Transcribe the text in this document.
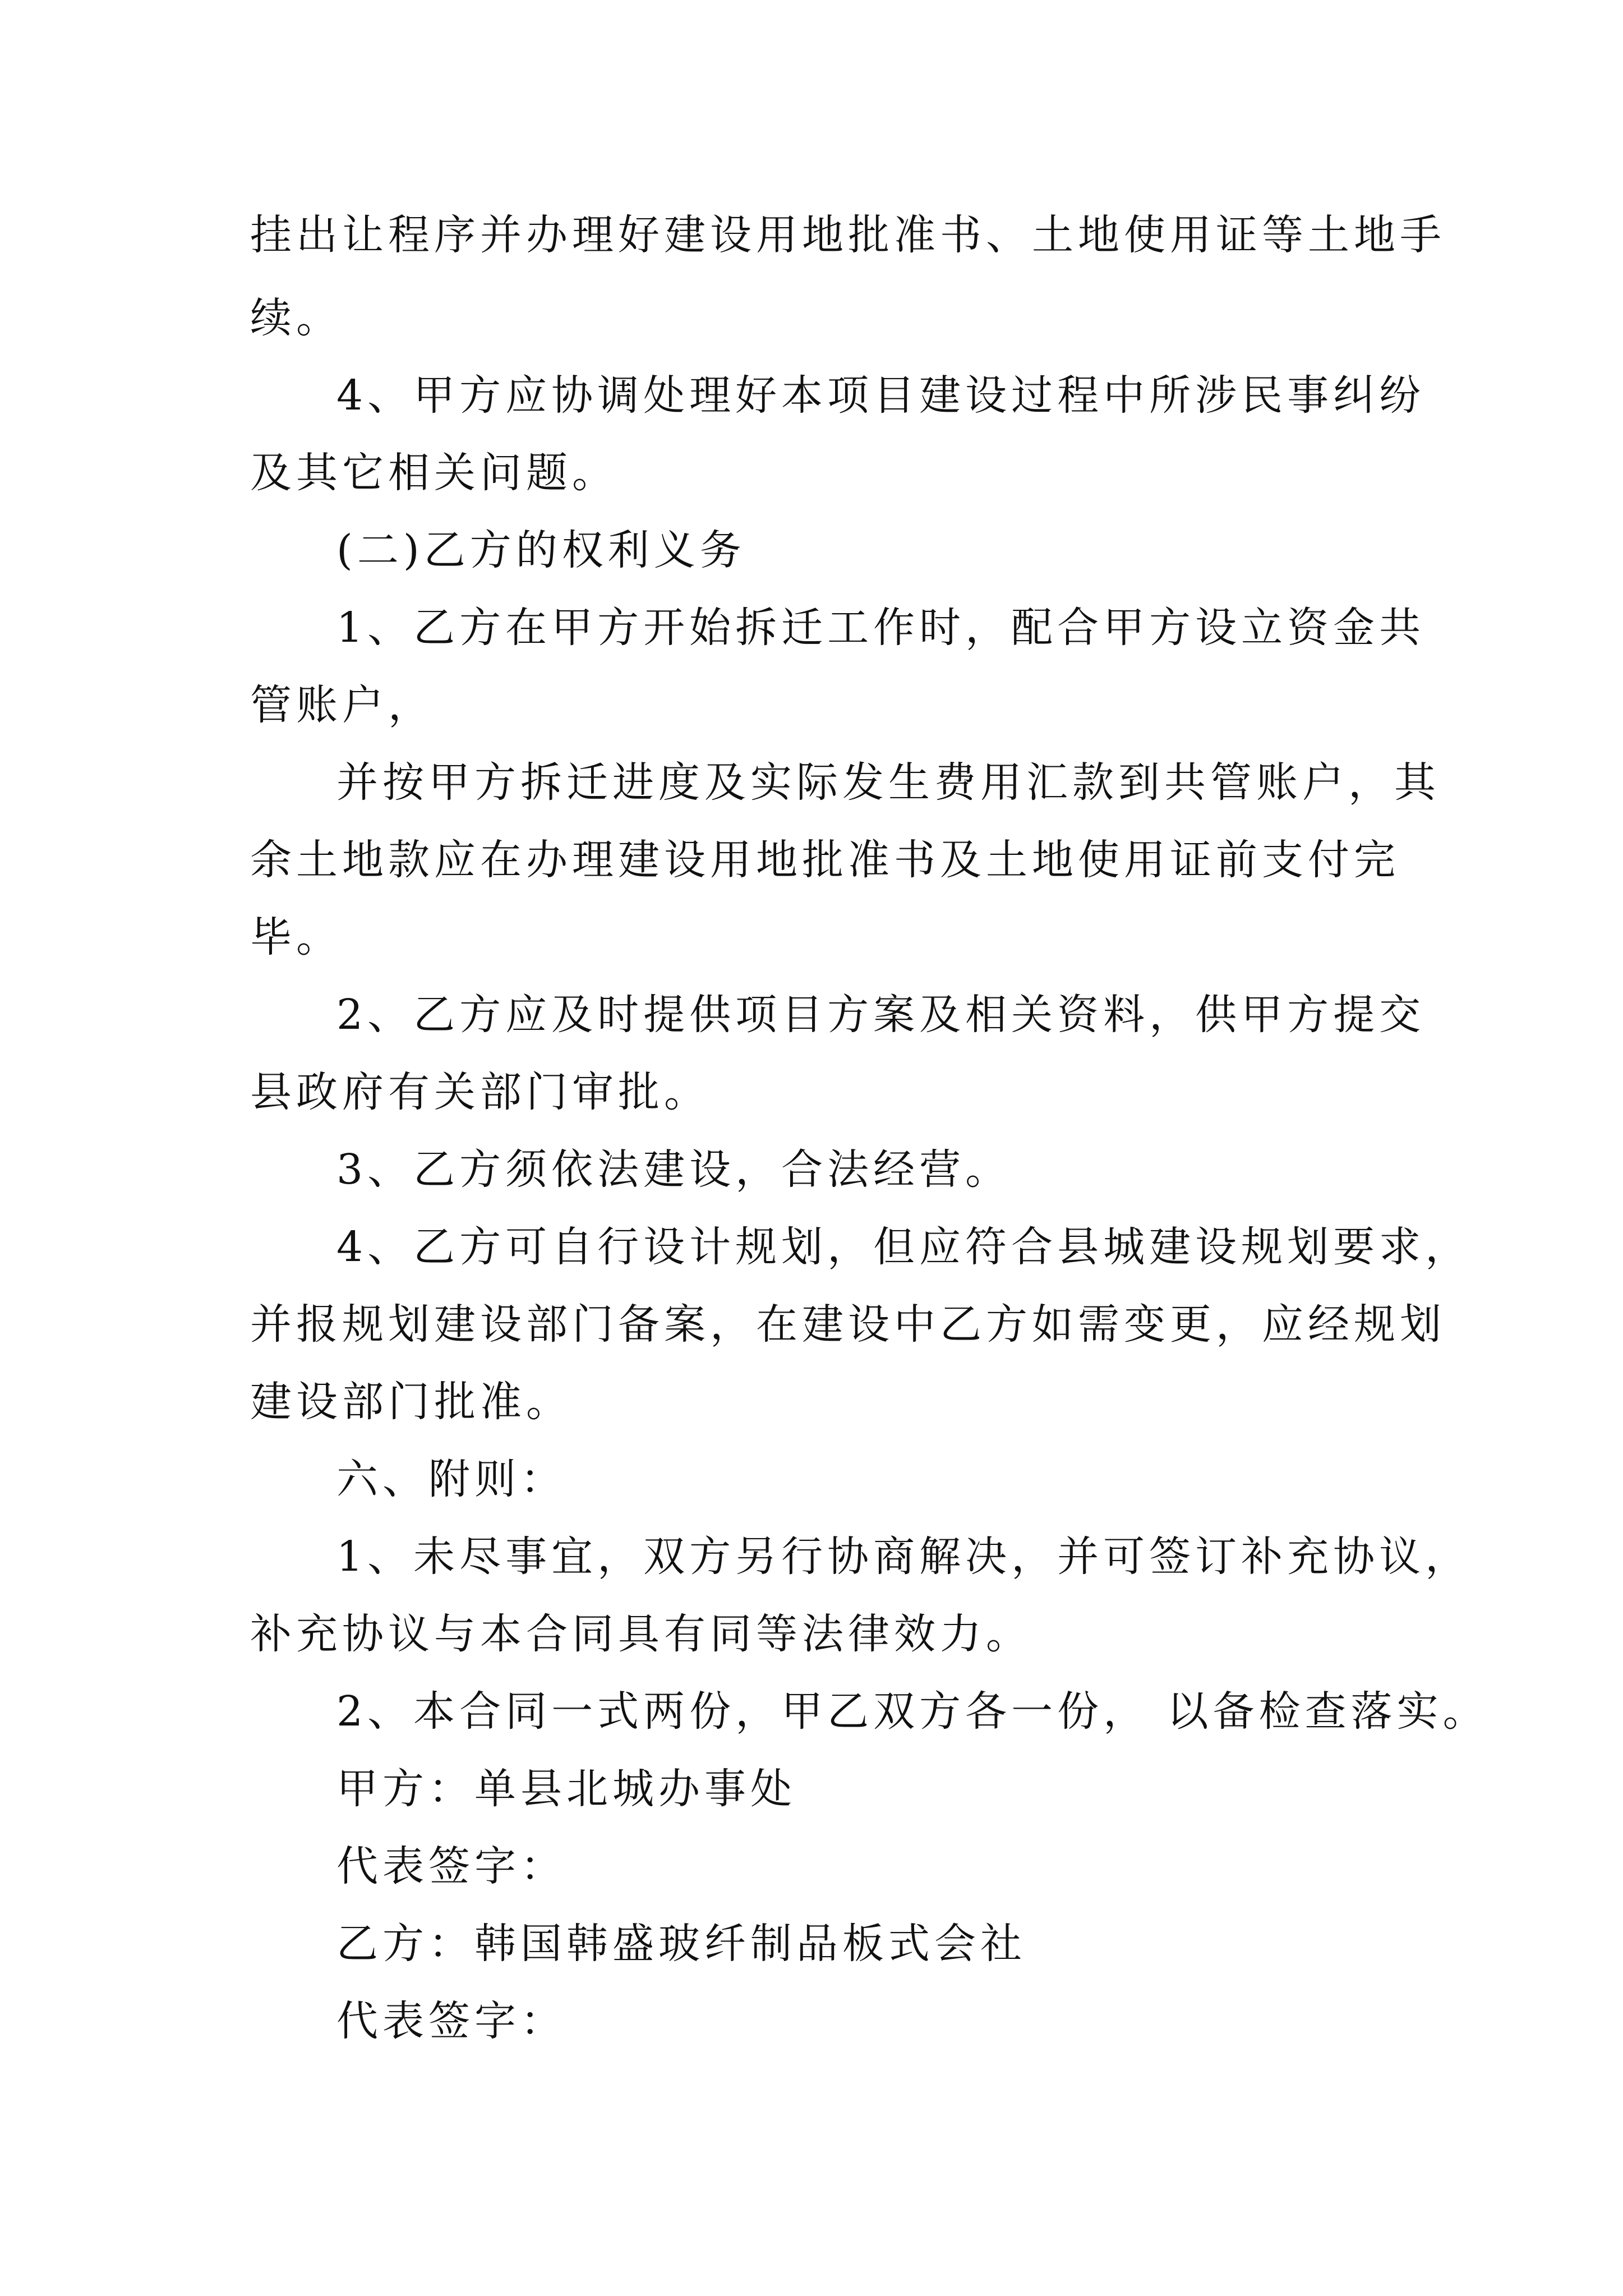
挂出让程序并办理好建设用地批准书、土地使用证等土地手
续。
4、甲方应协调处理好本项目建设过程中所涉民事纠纷
及其它相关问题。
(二)乙方的权利义务
1、乙方在甲方开始拆迁工作时，配合甲方设立资金共
管账户，
并按甲方拆迁进度及实际发生费用汇款到共管账户，其
余土地款应在办理建设用地批准书及土地使用证前支付完
毕。
2、乙方应及时提供项目方案及相关资料，供甲方提交
县政府有关部门审批。
3、乙方须依法建设，合法经营。
4、乙方可自行设计规划，但应符合县城建设规划要求，
并报规划建设部门备案，在建设中乙方如需变更，应经规划
建设部门批准。
六、附则：
1、未尽事宜，双方另行协商解决，并可签订补充协议，
补充协议与本合同具有同等法律效力。
2、本合同一式两份，甲乙双方各一份， 以备检查落实。
甲方：单县北城办事处
代表签字：
乙方：韩国韩盛玻纤制品板式会社
代表签字：
